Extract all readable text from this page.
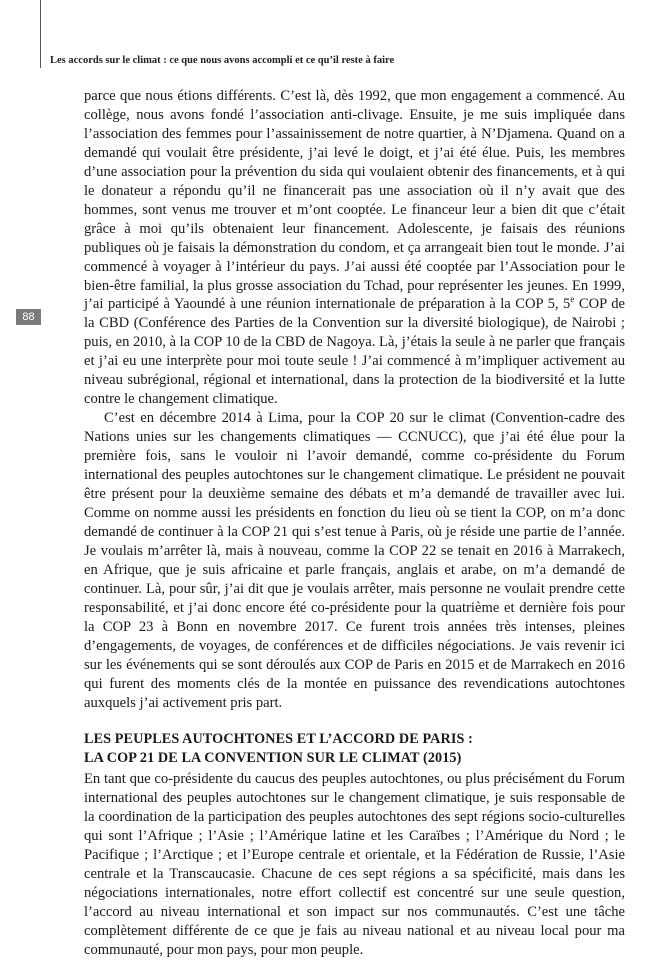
Les accords sur le climat : ce que nous avons accompli et ce qu’il reste à faire
88

parce que nous étions différents. C’est là, dès 1992, que mon engagement a commencé. Au collège, nous avons fondé l’association anti-clivage. Ensuite, je me suis impliquée dans l’association des femmes pour l’assainissement de notre quartier, à N’Djamena. Quand on a demandé qui voulait être présidente, j’ai levé le doigt, et j’ai été élue. Puis, les membres d’une association pour la prévention du sida qui voulaient obtenir des financements, et à qui le donateur a répondu qu’il ne financerait pas une association où il n’y avait que des hommes, sont venus me trouver et m’ont cooptée. Le financeur leur a bien dit que c’était grâce à moi qu’ils obtenaient leur financement. Adolescente, je faisais des réunions publiques où je faisais la démonstration du condom, et ça arrangeait bien tout le monde. J’ai commencé à voyager à l’intérieur du pays. J’ai aussi été cooptée par l’Association pour le bien-être familial, la plus grosse association du Tchad, pour représenter les jeunes. En 1999, j’ai participé à Yaoundé à une réunion internationale de préparation à la COP 5, 5e COP de la CBD (Conférence des Parties de la Convention sur la diversité biologique), de Nairobi ; puis, en 2010, à la COP 10 de la CBD de Nagoya. Là, j’étais la seule à ne parler que français et j’ai eu une interprète pour moi toute seule ! J’ai commencé à m’impliquer activement au niveau subrégional, régional et international, dans la protection de la biodiversité et la lutte contre le changement climatique.

C’est en décembre 2014 à Lima, pour la COP 20 sur le climat (Convention-cadre des Nations unies sur les changements climatiques — CCNUCC), que j’ai été élue pour la première fois, sans le vouloir ni l’avoir demandé, comme co-présidente du Forum international des peuples autochtones sur le changement climatique. Le président ne pouvait être présent pour la deuxième semaine des débats et m’a demandé de travailler avec lui. Comme on nomme aussi les présidents en fonction du lieu où se tient la COP, on m’a donc demandé de continuer à la COP 21 qui s’est tenue à Paris, où je réside une partie de l’année. Je voulais m’arrêter là, mais à nouveau, comme la COP 22 se tenait en 2016 à Marrakech, en Afrique, que je suis africaine et parle français, anglais et arabe, on m’a demandé de continuer. Là, pour sûr, j’ai dit que je voulais arrêter, mais personne ne voulait prendre cette responsabilité, et j’ai donc encore été co-présidente pour la quatrième et dernière fois pour la COP 23 à Bonn en novembre 2017. Ce furent trois années très intenses, pleines d’engagements, de voyages, de conférences et de difficiles négociations. Je vais revenir ici sur les événements qui se sont déroulés aux COP de Paris en 2015 et de Marrakech en 2016 qui furent des moments clés de la montée en puissance des revendications autochtones auxquels j’ai activement pris part.

LES PEUPLES AUTOCHTONES ET L’ACCORD DE PARIS :
LA COP 21 DE LA CONVENTION SUR LE CLIMAT (2015)

En tant que co-présidente du caucus des peuples autochtones, ou plus précisément du Forum international des peuples autochtones sur le changement climatique, je suis responsable de la coordination de la participation des peuples autochtones des sept régions socio-culturelles qui sont l’Afrique ; l’Asie ; l’Amérique latine et les Caraïbes ; l’Amérique du Nord ; le Pacifique ; l’Arctique ; et l’Europe centrale et orientale, et la Fédération de Russie, l’Asie centrale et la Transcaucasie. Chacune de ces sept régions a sa spécificité, mais dans les négociations internationales, notre effort collectif est concentré sur une seule question, l’accord au niveau international et son impact sur nos communautés. C’est une tâche complètement différente de ce que je fais au niveau national et au niveau local pour ma communauté, pour mon pays, pour mon peuple.
